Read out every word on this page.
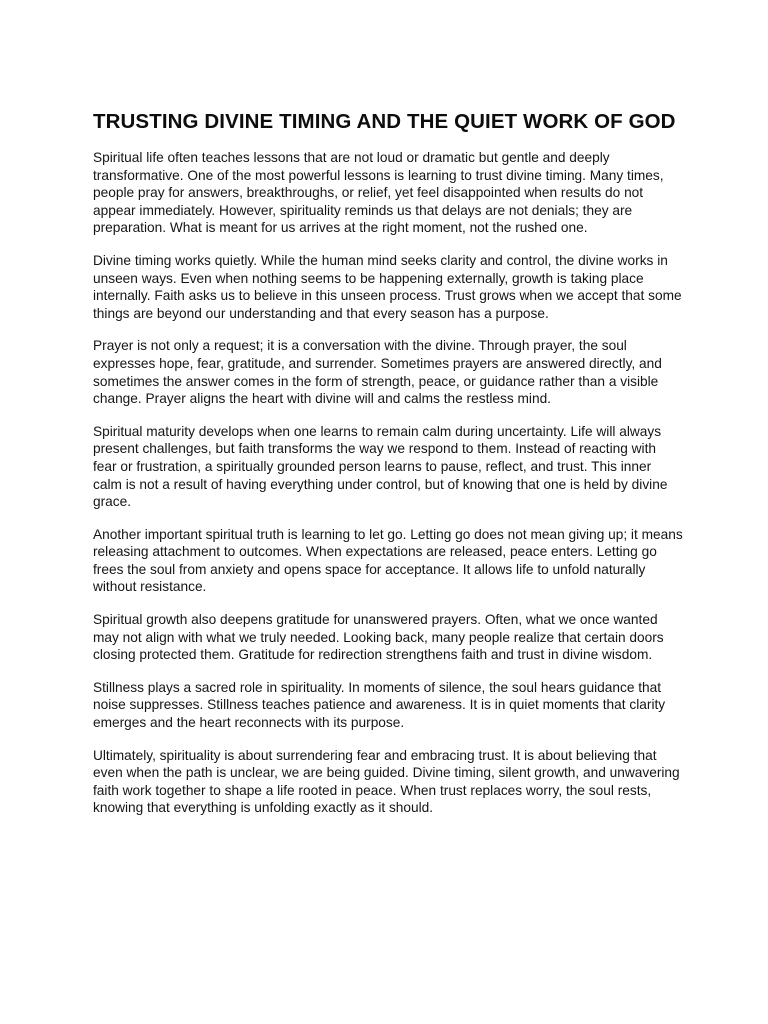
TRUSTING DIVINE TIMING AND THE QUIET WORK OF GOD

Spiritual life often teaches lessons that are not loud or dramatic but gentle and deeply transformative. One of the most powerful lessons is learning to trust divine timing. Many times, people pray for answers, breakthroughs, or relief, yet feel disappointed when results do not appear immediately. However, spirituality reminds us that delays are not denials; they are preparation. What is meant for us arrives at the right moment, not the rushed one.

Divine timing works quietly. While the human mind seeks clarity and control, the divine works in unseen ways. Even when nothing seems to be happening externally, growth is taking place internally. Faith asks us to believe in this unseen process. Trust grows when we accept that some things are beyond our understanding and that every season has a purpose.

Prayer is not only a request; it is a conversation with the divine. Through prayer, the soul expresses hope, fear, gratitude, and surrender. Sometimes prayers are answered directly, and sometimes the answer comes in the form of strength, peace, or guidance rather than a visible change. Prayer aligns the heart with divine will and calms the restless mind.

Spiritual maturity develops when one learns to remain calm during uncertainty. Life will always present challenges, but faith transforms the way we respond to them. Instead of reacting with fear or frustration, a spiritually grounded person learns to pause, reflect, and trust. This inner calm is not a result of having everything under control, but of knowing that one is held by divine grace.

Another important spiritual truth is learning to let go. Letting go does not mean giving up; it means releasing attachment to outcomes. When expectations are released, peace enters. Letting go frees the soul from anxiety and opens space for acceptance. It allows life to unfold naturally without resistance.

Spiritual growth also deepens gratitude for unanswered prayers. Often, what we once wanted may not align with what we truly needed. Looking back, many people realize that certain doors closing protected them. Gratitude for redirection strengthens faith and trust in divine wisdom.

Stillness plays a sacred role in spirituality. In moments of silence, the soul hears guidance that noise suppresses. Stillness teaches patience and awareness. It is in quiet moments that clarity emerges and the heart reconnects with its purpose.

Ultimately, spirituality is about surrendering fear and embracing trust. It is about believing that even when the path is unclear, we are being guided. Divine timing, silent growth, and unwavering faith work together to shape a life rooted in peace. When trust replaces worry, the soul rests, knowing that everything is unfolding exactly as it should.
